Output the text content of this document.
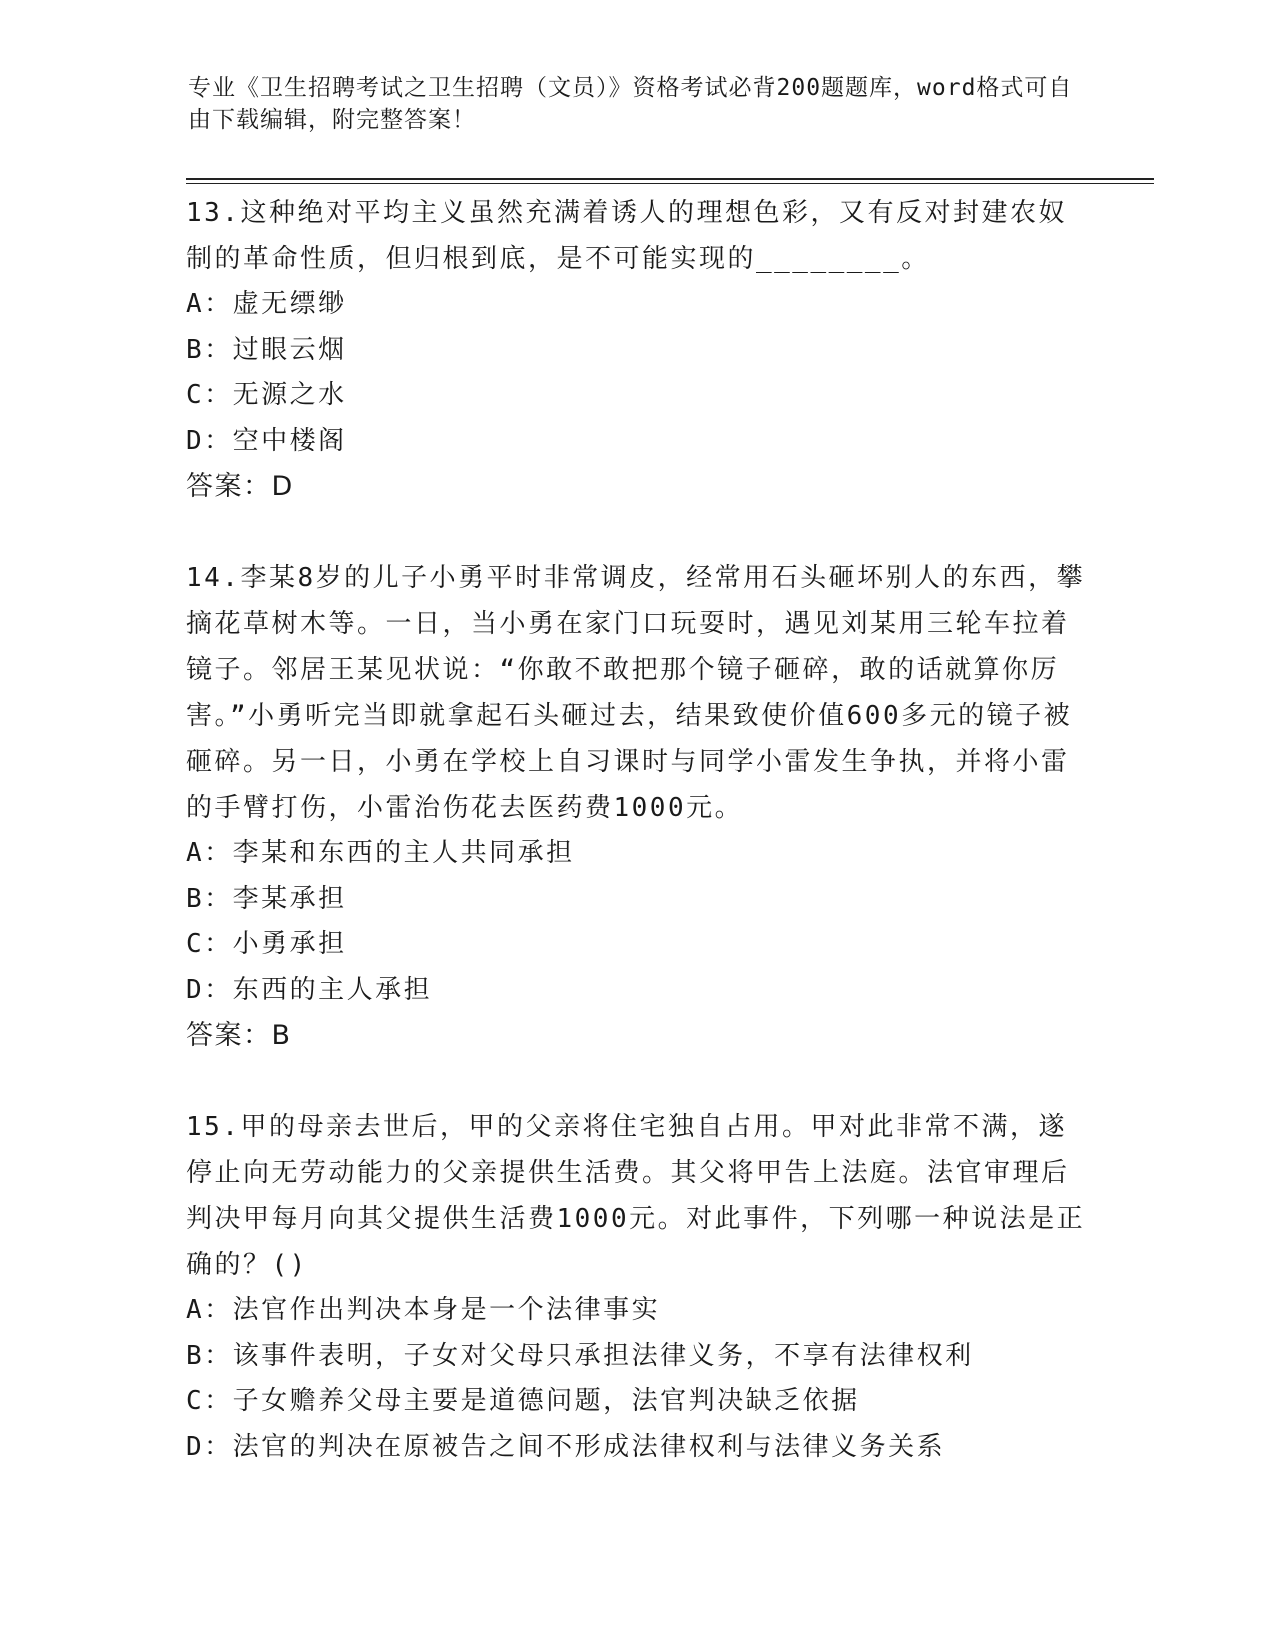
专业《卫生招聘考试之卫生招聘（文员）》资格考试必背200题题库，word格式可自由下载编辑，附完整答案！

13.这种绝对平均主义虽然充满着诱人的理想色彩，又有反对封建农奴制的革命性质，但归根到底，是不可能实现的________。

A：虚无缥缈

B：过眼云烟

C：无源之水

D：空中楼阁

答案：D

14.李某8岁的儿子小勇平时非常调皮，经常用石头砸坏别人的东西，攀摘花草树木等。一日，当小勇在家门口玩耍时，遇见刘某用三轮车拉着镜子。邻居王某见状说：“你敢不敢把那个镜子砸碎，敢的话就算你厉害。”小勇听完当即就拿起石头砸过去，结果致使价值600多元的镜子被砸碎。另一日，小勇在学校上自习课时与同学小雷发生争执，并将小雷的手臂打伤，小雷治伤花去医药费1000元。

A：李某和东西的主人共同承担

B：李某承担

C：小勇承担

D：东西的主人承担

答案：B

15.甲的母亲去世后，甲的父亲将住宅独自占用。甲对此非常不满，遂停止向无劳动能力的父亲提供生活费。其父将甲告上法庭。法官审理后判决甲每月向其父提供生活费1000元。对此事件，下列哪一种说法是正确的？()

A：法官作出判决本身是一个法律事实

B：该事件表明，子女对父母只承担法律义务，不享有法律权利

C：子女赡养父母主要是道德问题，法官判决缺乏依据

D：法官的判决在原被告之间不形成法律权利与法律义务关系
